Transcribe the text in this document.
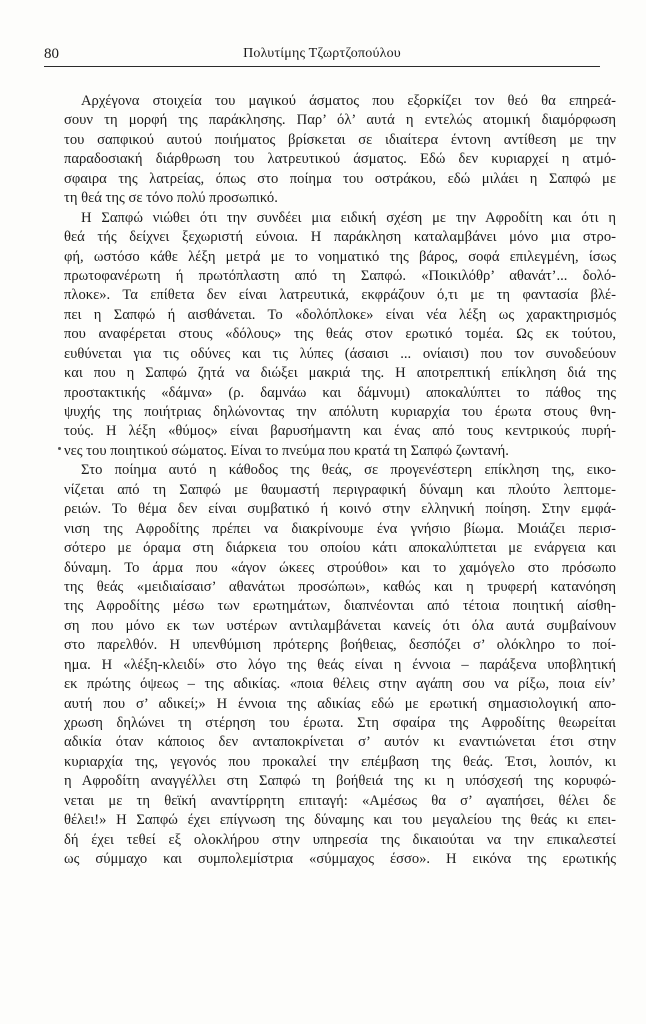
80	Πολυτίμης Τζωρτζοπούλου
Αρχέγονα στοιχεία του μαγικού άσματος που εξορκίζει τον θεό θα επηρεά-
σουν τη μορφή της παράκλησης. Παρ’ όλ’ αυτά η εντελώς ατομική διαμόρφωση
του σαπφικού αυτού ποιήματος βρίσκεται σε ιδιαίτερα έντονη αντίθεση με την
παραδοσιακή διάρθρωση του λατρευτικού άσματος. Εδώ δεν κυριαρχεί η ατμό-
σφαιρα της λατρείας, όπως στο ποίημα του οστράκου, εδώ μιλάει η Σαπφώ με
τη θεά της σε τόνο πολύ προσωπικό.
Η Σαπφώ νιώθει ότι την συνδέει μια ειδική σχέση με την Αφροδίτη και ότι η
θεά τής δείχνει ξεχωριστή εύνοια. Η παράκληση καταλαμβάνει μόνο μια στρο-
φή, ωστόσο κάθε λέξη μετρά με το νοηματικό της βάρος, σοφά επιλεγμένη, ίσως
πρωτοφανέρωτη ή πρωτόπλαστη από τη Σαπφώ. «Ποικιλόθρ’ αθανάτ’... δολό-
πλοκε». Τα επίθετα δεν είναι λατρευτικά, εκφράζουν ό,τι με τη φαντασία βλέ-
πει η Σαπφώ ή αισθάνεται. Το «δολόπλοκε» είναι νέα λέξη ως χαρακτηρισμός
που αναφέρεται στους «δόλους» της θεάς στον ερωτικό τομέα. Ως εκ τούτου,
ευθύνεται για τις οδύνες και τις λύπες (άσαισι ... ονίαισι) που τον συνοδεύουν
και που η Σαπφώ ζητά να διώξει μακριά της. Η αποτρεπτική επίκληση διά της
προστακτικής «δάμνα» (ρ. δαμνάω και δάμνυμι) αποκαλύπτει το πάθος της
ψυχής της ποιήτριας δηλώνοντας την απόλυτη κυριαρχία του έρωτα στους θνη-
τούς. Η λέξη «θύμος» είναι βαρυσήμαντη και ένας από τους κεντρικούς πυρή-
νες του ποιητικού σώματος. Είναι το πνεύμα που κρατά τη Σαπφώ ζωντανή.
Στο ποίημα αυτό η κάθοδος της θεάς, σε προγενέστερη επίκληση της, εικο-
νίζεται από τη Σαπφώ με θαυμαστή περιγραφική δύναμη και πλούτο λεπτομε-
ρειών. Το θέμα δεν είναι συμβατικό ή κοινό στην ελληνική ποίηση. Στην εμφά-
νιση της Αφροδίτης πρέπει να διακρίνουμε ένα γνήσιο βίωμα. Μοιάζει περισ-
σότερο με όραμα στη διάρκεια του οποίου κάτι αποκαλύπτεται με ενάργεια και
δύναμη. Το άρμα που «άγον ώκεες στρούθοι» και το χαμόγελο στο πρόσωπο
της θεάς «μειδιαίσαισ’ αθανάτωι προσώπωι», καθώς και η τρυφερή κατανόηση
της Αφροδίτης μέσω των ερωτημάτων, διαπνέονται από τέτοια ποιητική αίσθη-
ση που μόνο εκ των υστέρων αντιλαμβάνεται κανείς ότι όλα αυτά συμβαίνουν
στο παρελθόν. Η υπενθύμιση πρότερης βοήθειας, δεσπόζει σ’ ολόκληρο το ποί-
ημα. Η «λέξη-κλειδί» στο λόγο της θεάς είναι η έννοια – παράξενα υποβλητική
εκ πρώτης όψεως – της αδικίας. «ποια θέλεις στην αγάπη σου να ρίξω, ποια είν’
αυτή που σ’ αδικεί;» Η έννοια της αδικίας εδώ με ερωτική σημασιολογική απο-
χρωση δηλώνει τη στέρηση του έρωτα. Στη σφαίρα της Αφροδίτης θεωρείται
αδικία όταν κάποιος δεν ανταποκρίνεται σ’ αυτόν κι εναντιώνεται έτσι στην
κυριαρχία της, γεγονός που προκαλεί την επέμβαση της θεάς. Έτσι, λοιπόν, κι
η Αφροδίτη αναγγέλλει στη Σαπφώ τη βοήθειά της κι η υπόσχεσή της κορυφώ-
νεται με τη θεϊκή αναντίρρητη επιταγή: «Αμέσως θα σ’ αγαπήσει, θέλει δε
θέλει!» Η Σαπφώ έχει επίγνωση της δύναμης και του μεγαλείου της θεάς κι επει-
δή έχει τεθεί εξ ολοκλήρου στην υπηρεσία της δικαιούται να την επικαλεστεί
ως σύμμαχο και συμπολεμίστρια «σύμμαχος έσσο». Η εικόνα της ερωτικής
